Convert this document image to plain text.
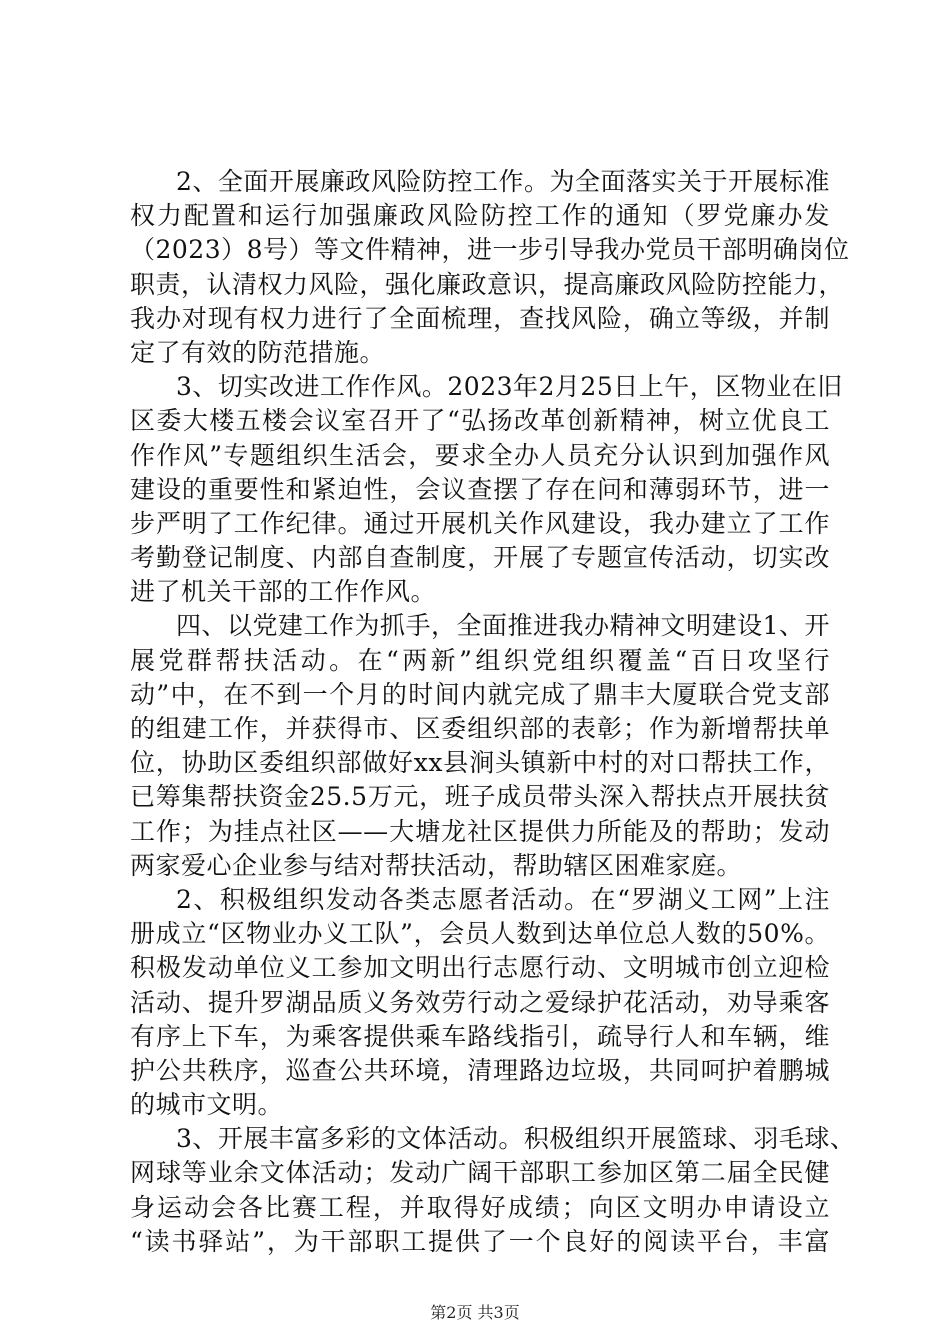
2、全面开展廉政风险防控工作。为全面落实关于开展标准
权力配置和运行加强廉政风险防控工作的通知（罗党廉办发
（2023）8号）等文件精神，进一步引导我办党员干部明确岗位
职责，认清权力风险，强化廉政意识，提高廉政风险防控能力，
我办对现有权力进行了全面梳理，查找风险，确立等级，并制
定了有效的防范措施。

3、切实改进工作作风。2023年2月25日上午，区物业在旧
区委大楼五楼会议室召开了“弘扬改革创新精神，树立优良工
作作风”专题组织生活会，要求全办人员充分认识到加强作风
建设的重要性和紧迫性，会议查摆了存在问和薄弱环节，进一
步严明了工作纪律。通过开展机关作风建设，我办建立了工作
考勤登记制度、内部自查制度，开展了专题宣传活动，切实改
进了机关干部的工作作风。

四、以党建工作为抓手，全面推进我办精神文明建设1、开
展党群帮扶活动。在“两新”组织党组织覆盖“百日攻坚行
动”中，在不到一个月的时间内就完成了鼎丰大厦联合党支部
的组建工作，并获得市、区委组织部的表彰；作为新增帮扶单
位，协助区委组织部做好xx县涧头镇新中村的对口帮扶工作，
已筹集帮扶资金25.5万元，班子成员带头深入帮扶点开展扶贫
工作；为挂点社区——大塘龙社区提供力所能及的帮助；发动
两家爱心企业参与结对帮扶活动，帮助辖区困难家庭。

2、积极组织发动各类志愿者活动。在“罗湖义工网”上注
册成立“区物业办义工队”，会员人数到达单位总人数的50%。
积极发动单位义工参加文明出行志愿行动、文明城市创立迎检
活动、提升罗湖品质义务效劳行动之爱绿护花活动，劝导乘客
有序上下车，为乘客提供乘车路线指引，疏导行人和车辆，维
护公共秩序，巡查公共环境，清理路边垃圾，共同呵护着鹏城
的城市文明。

3、开展丰富多彩的文体活动。积极组织开展篮球、羽毛球、
网球等业余文体活动；发动广阔干部职工参加区第二届全民健
身运动会各比赛工程，并取得好成绩；向区文明办申请设立
“读书驿站”，为干部职工提供了一个良好的阅读平台，丰富

第2页 共3页
